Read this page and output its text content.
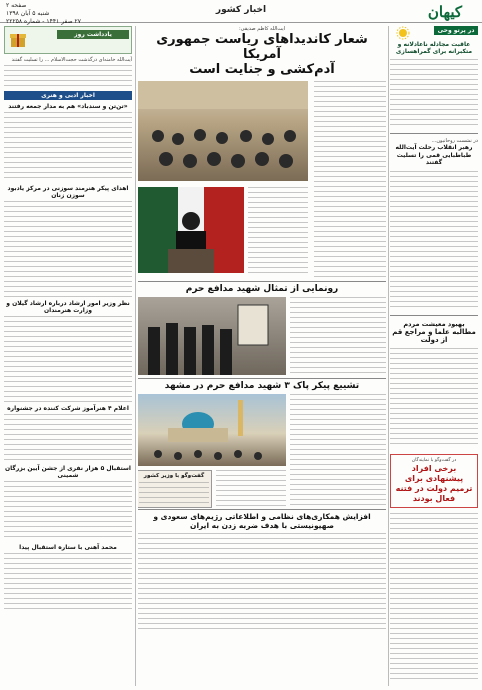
کیهان
اخبار کشور
صفحه ۲
شنبه ۵ آبان ۱۳۹۸
۲۷ صفر ۱۴۴۱ - شماره ۲۲۲۵۸
در پرتو وحی
عاقبت مجادله ناعادلانه و متکبرانه برای گمراهسازی
در نشست روحانیون...
رهبر انقلاب رحلت آیت‌الله طباطبایی قمی را تسلیت گفتند
بهبود معیشت مردم
مطالبه علما و مراجع قم از دولت
در گفت‌وگو با نمایندگان
برخی افراد پیشنهادی برای ترمیم دولت در فتنه فعال بودند
آیت‌الله کاظم صدیقی:
شعار کاندیداهای ریاست جمهوری آمریکا
آدم‌کشی و جنایت است
رونمایی از تمثال شهید مدافع حرم
تشییع پیکر پاک ۳ شهید مدافع حرم در مشهد
گفت‌وگو با وزیر کشور
افزایش همکاری‌های نظامی و اطلاعاتی رژیم‌های سعودی و صهیونیستی با هدف ضربه زدن به ایران
یادداشت روز
آیت‌الله خامنه‌ای درگذشت حجت‌الاسلام ... را تسلیت گفتند
اخبار ادبی و هنری
«تن‌تن و سندباد» هم به مدار جمعه رفتند
اهدای پیکر هنرمند سوزنی در مرکز یادبود سوزن زنان
نظر وزیر امور ارشاد درباره ارشاد گیلان و وزارت هنرمندان
اعلام ۴ هنرآموز شرکت کننده در جشنواره
استقبال ۵ هزار نفری از جشن آیین بزرگان شمینی
محمد آهنی با ستاره استقبال پیدا
